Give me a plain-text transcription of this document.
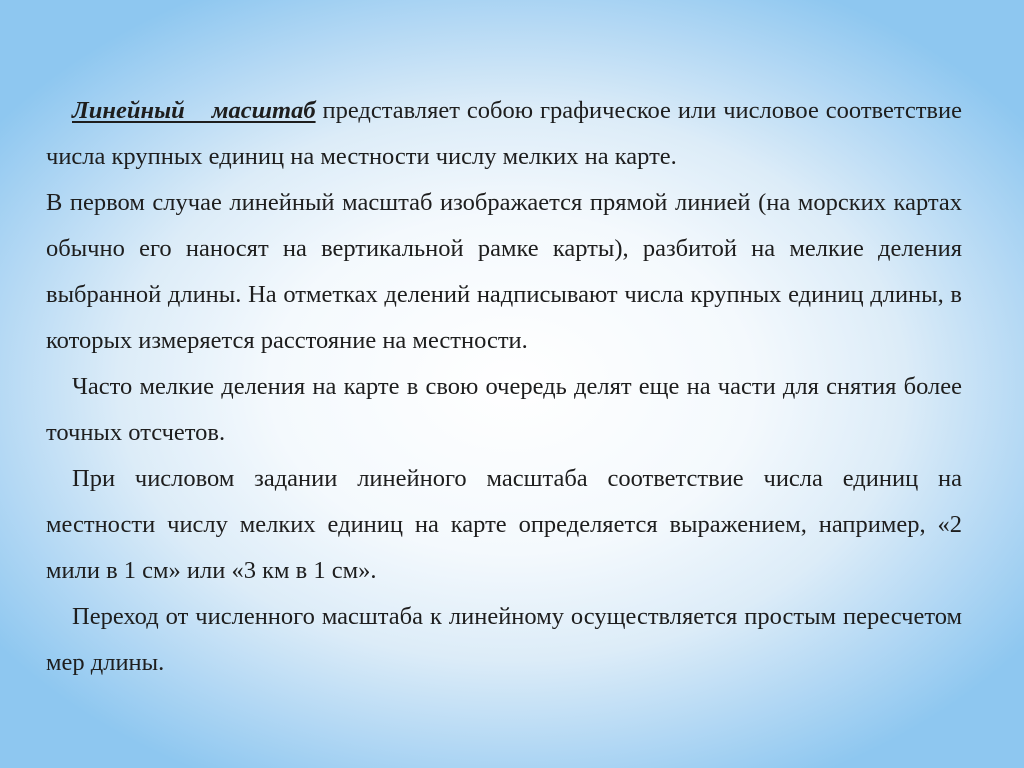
Линейный масштаб представляет собою графическое или числовое соответствие числа крупных единиц на местности числу мелких на карте.

В первом случае линейный масштаб изображается прямой линией (на морских картах обычно его наносят на вертикальной рамке карты), разбитой на мелкие деления выбранной длины. На отметках делений надписывают числа крупных единиц длины, в которых измеряется расстояние на местности.

Часто мелкие деления на карте в свою очередь делят еще на части для снятия более точных отсчетов.

При числовом задании линейного масштаба соответствие числа единиц на местности числу мелких единиц на карте определяется выражением, например, «2 мили в 1 см» или «3 км в 1 см».

Переход от численного масштаба к линейному осуществляется простым пересчетом мер длины.
